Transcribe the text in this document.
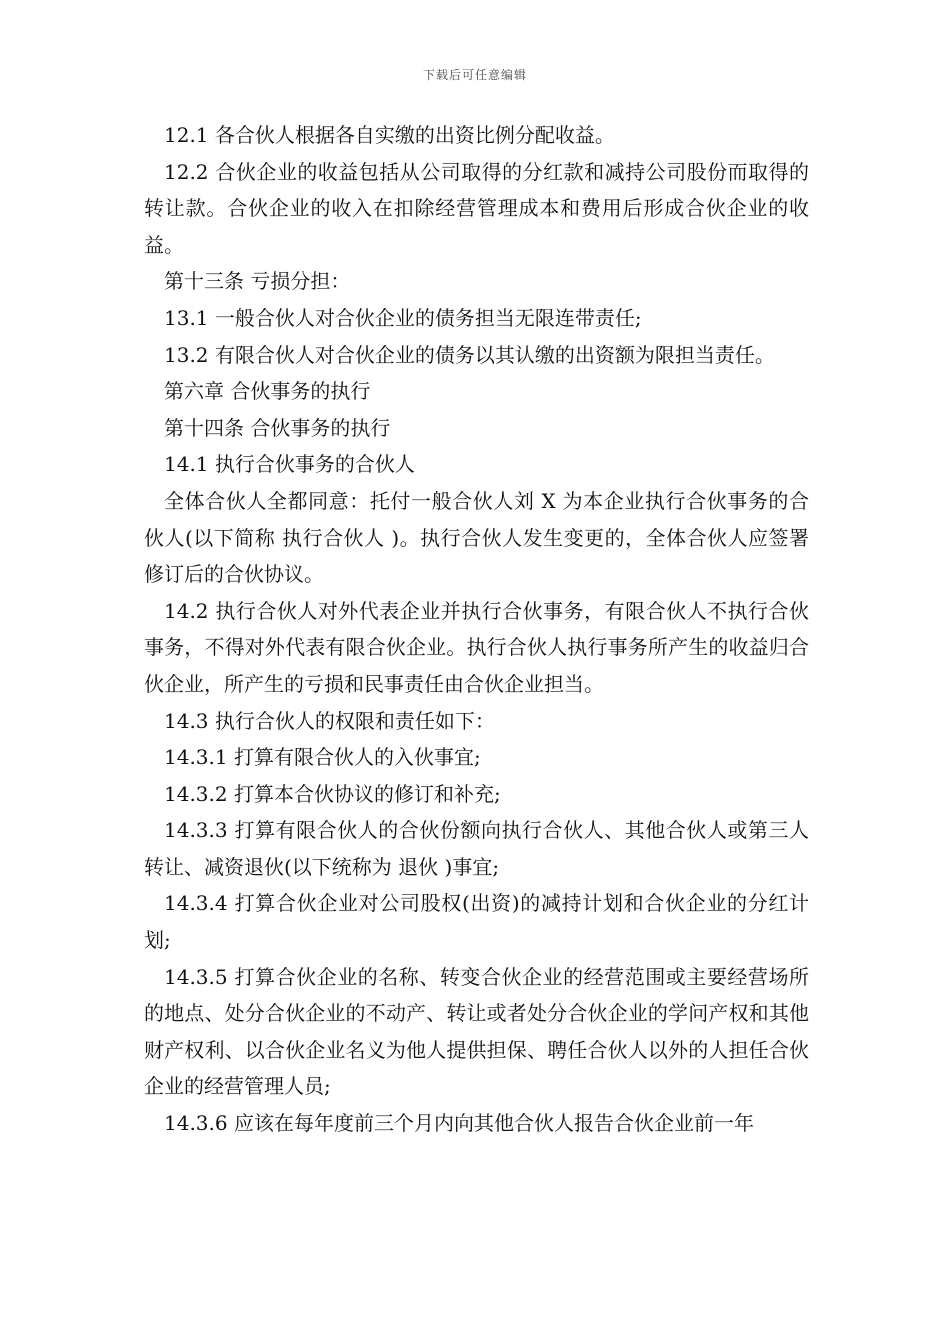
下载后可任意编辑

12.1 各合伙人根据各自实缴的出资比例分配收益。

12.2 合伙企业的收益包括从公司取得的分红款和减持公司股份而取得的转让款。合伙企业的收入在扣除经营管理成本和费用后形成合伙企业的收益。

第十三条 亏损分担：

13.1 一般合伙人对合伙企业的债务担当无限连带责任;

13.2 有限合伙人对合伙企业的债务以其认缴的出资额为限担当责任。

第六章 合伙事务的执行

第十四条 合伙事务的执行

14.1 执行合伙事务的合伙人

全体合伙人全都同意：托付一般合伙人刘 X 为本企业执行合伙事务的合伙人(以下简称 执行合伙人 )。执行合伙人发生变更的，全体合伙人应签署修订后的合伙协议。

14.2 执行合伙人对外代表企业并执行合伙事务，有限合伙人不执行合伙事务，不得对外代表有限合伙企业。执行合伙人执行事务所产生的收益归合伙企业，所产生的亏损和民事责任由合伙企业担当。

14.3 执行合伙人的权限和责任如下：

14.3.1 打算有限合伙人的入伙事宜;

14.3.2 打算本合伙协议的修订和补充;

14.3.3 打算有限合伙人的合伙份额向执行合伙人、其他合伙人或第三人转让、减资退伙(以下统称为 退伙 )事宜;

14.3.4 打算合伙企业对公司股权(出资)的减持计划和合伙企业的分红计划;

14.3.5 打算合伙企业的名称、转变合伙企业的经营范围或主要经营场所的地点、处分合伙企业的不动产、转让或者处分合伙企业的学问产权和其他财产权利、以合伙企业名义为他人提供担保、聘任合伙人以外的人担任合伙企业的经营管理人员;

14.3.6 应该在每年度前三个月内向其他合伙人报告合伙企业前一年
